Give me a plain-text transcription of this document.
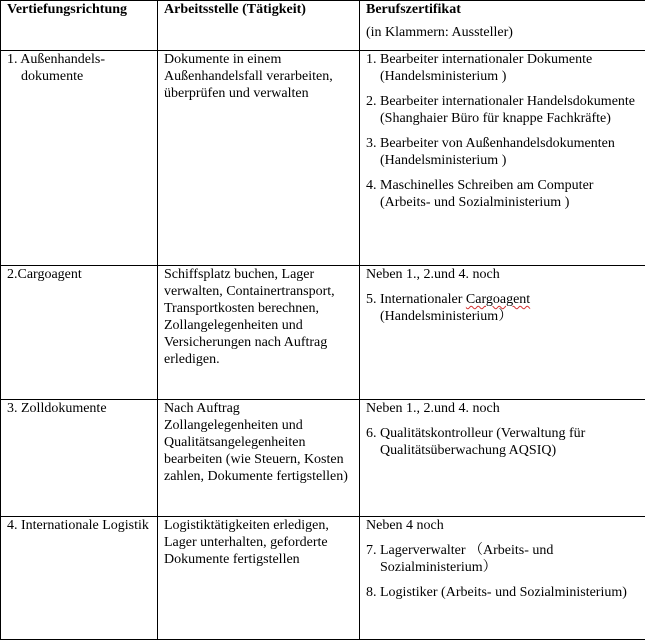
Vertiefungsrichtung	Arbeitsstelle (Tätigkeit)	Berufszertifikat
(in Klammern: Aussteller)

1. Außenhandels- dokumente	Dokumente in einem Außenhandelsfall verarbeiten, überprüfen und verwalten	1. Bearbeiter internationaler Dokumente (Handelsministerium )
2. Bearbeiter internationaler Handelsdokumente (Shanghaier Büro für knappe Fachkräfte)
3. Bearbeiter von Außenhandelsdokumenten (Handelsministerium )
4. Maschinelles Schreiben am Computer (Arbeits- und Sozialministerium )

2.Cargoagent	Schiffsplatz buchen, Lager verwalten, Containertransport, Transportkosten berechnen, Zollangelegenheiten und Versicherungen nach Auftrag erledigen.	Neben 1., 2.und 4. noch
5. Internationaler Cargoagent (Handelsministerium）

3. Zolldokumente	Nach Auftrag Zollangelegenheiten und Qualitätsangelegenheiten bearbeiten (wie Steuern, Kosten zahlen, Dokumente fertigstellen)	Neben 1., 2.und 4. noch
6. Qualitätskontrolleur (Verwaltung für Qualitätsüberwachung AQSIQ)

4. Internationale Logistik	Logistiktätigkeiten erledigen, Lager unterhalten, geforderte Dokumente fertigstellen	Neben 4 noch
7. Lagerverwalter （Arbeits- und Sozialministerium）
8. Logistiker (Arbeits- und Sozialministerium)
